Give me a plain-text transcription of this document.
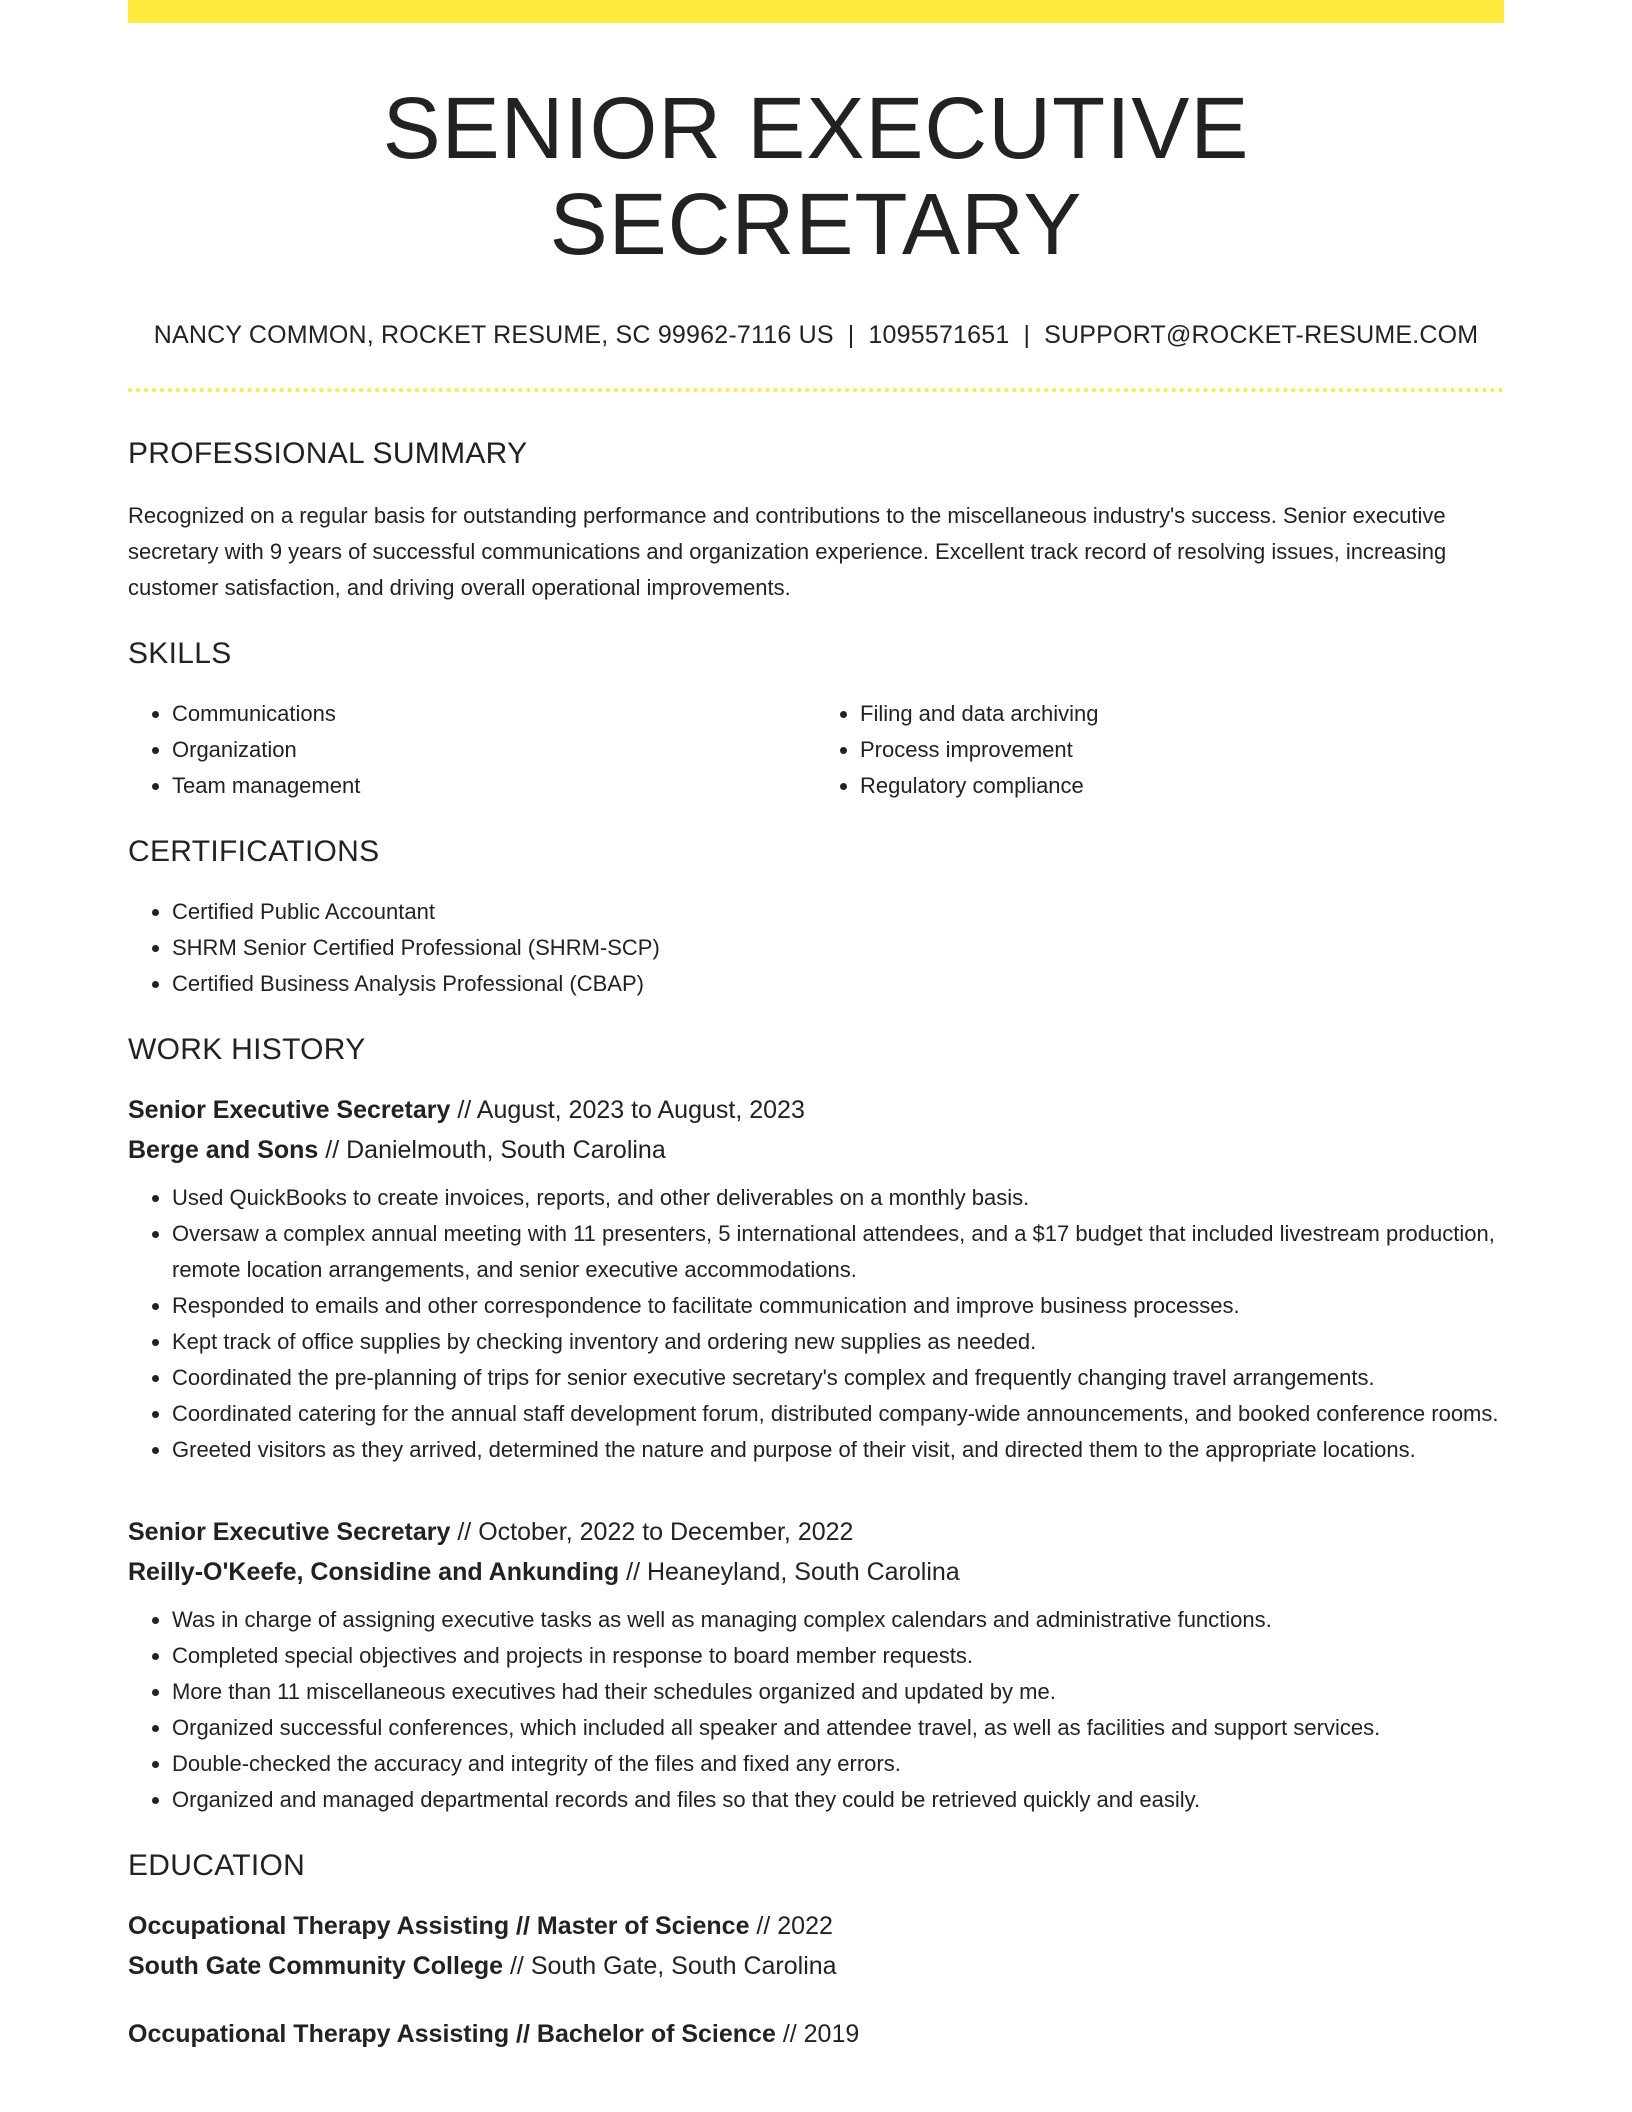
SENIOR EXECUTIVE SECRETARY
NANCY COMMON, ROCKET RESUME, SC 99962-7116 US | 1095571651 | SUPPORT@ROCKET-RESUME.COM
PROFESSIONAL SUMMARY
Recognized on a regular basis for outstanding performance and contributions to the miscellaneous industry's success. Senior executive secretary with 9 years of successful communications and organization experience. Excellent track record of resolving issues, increasing customer satisfaction, and driving overall operational improvements.
SKILLS
• Communications
• Organization
• Team management
• Filing and data archiving
• Process improvement
• Regulatory compliance
CERTIFICATIONS
• Certified Public Accountant
• SHRM Senior Certified Professional (SHRM-SCP)
• Certified Business Analysis Professional (CBAP)
WORK HISTORY
Senior Executive Secretary // August, 2023 to August, 2023
Berge and Sons // Danielmouth, South Carolina
• Used QuickBooks to create invoices, reports, and other deliverables on a monthly basis.
• Oversaw a complex annual meeting with 11 presenters, 5 international attendees, and a $17 budget that included livestream production, remote location arrangements, and senior executive accommodations.
• Responded to emails and other correspondence to facilitate communication and improve business processes.
• Kept track of office supplies by checking inventory and ordering new supplies as needed.
• Coordinated the pre-planning of trips for senior executive secretary's complex and frequently changing travel arrangements.
• Coordinated catering for the annual staff development forum, distributed company-wide announcements, and booked conference rooms.
• Greeted visitors as they arrived, determined the nature and purpose of their visit, and directed them to the appropriate locations.
Senior Executive Secretary // October, 2022 to December, 2022
Reilly-O'Keefe, Considine and Ankunding // Heaneyland, South Carolina
• Was in charge of assigning executive tasks as well as managing complex calendars and administrative functions.
• Completed special objectives and projects in response to board member requests.
• More than 11 miscellaneous executives had their schedules organized and updated by me.
• Organized successful conferences, which included all speaker and attendee travel, as well as facilities and support services.
• Double-checked the accuracy and integrity of the files and fixed any errors.
• Organized and managed departmental records and files so that they could be retrieved quickly and easily.
EDUCATION
Occupational Therapy Assisting // Master of Science // 2022
South Gate Community College // South Gate, South Carolina
Occupational Therapy Assisting // Bachelor of Science // 2019
